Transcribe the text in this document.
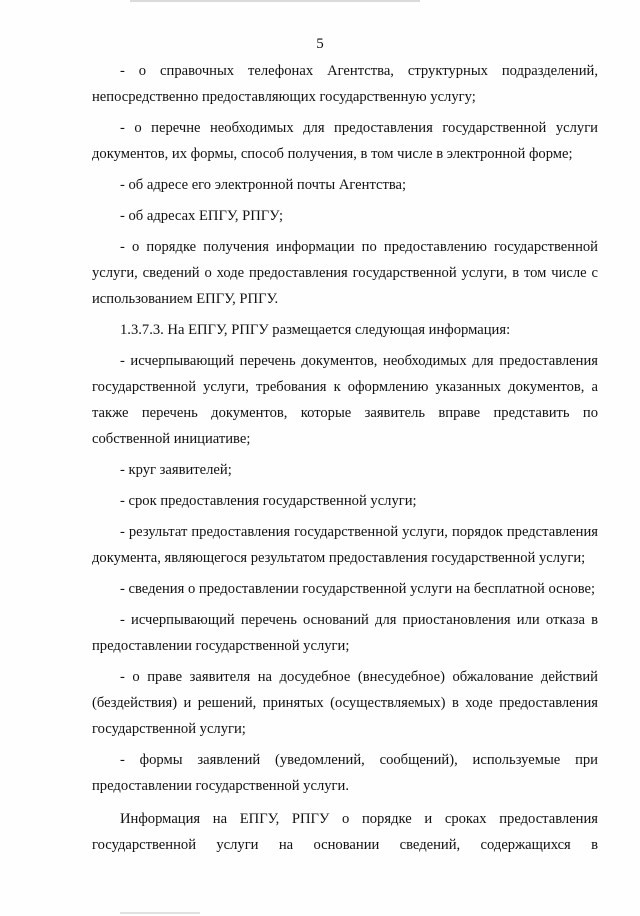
5

- о справочных телефонах Агентства, структурных подразделений, непосредственно предоставляющих государственную услугу;

- о перечне необходимых для предоставления государственной услуги документов, их формы, способ получения, в том числе в электронной форме;

- об адресе его электронной почты Агентства;

- об адресах ЕПГУ, РПГУ;

- о порядке получения информации по предоставлению государственной услуги, сведений о ходе предоставления государственной услуги, в том числе с использованием ЕПГУ, РПГУ.

1.3.7.3. На ЕПГУ, РПГУ размещается следующая информация:

- исчерпывающий перечень документов, необходимых для предоставления государственной услуги, требования к оформлению указанных документов, а также перечень документов, которые заявитель вправе представить по собственной инициативе;

- круг заявителей;

- срок предоставления государственной услуги;

- результат предоставления государственной услуги, порядок представления документа, являющегося результатом предоставления государственной услуги;

- сведения о предоставлении государственной услуги на бесплатной основе;

- исчерпывающий перечень оснований для приостановления или отказа в предоставлении государственной услуги;

- о праве заявителя на досудебное (внесудебное) обжалование действий (бездействия) и решений, принятых (осуществляемых) в ходе предоставления государственной услуги;

- формы заявлений (уведомлений, сообщений), используемые при предоставлении государственной услуги.

Информация на ЕПГУ, РПГУ о порядке и сроках предоставления государственной услуги на основании сведений, содержащихся в
